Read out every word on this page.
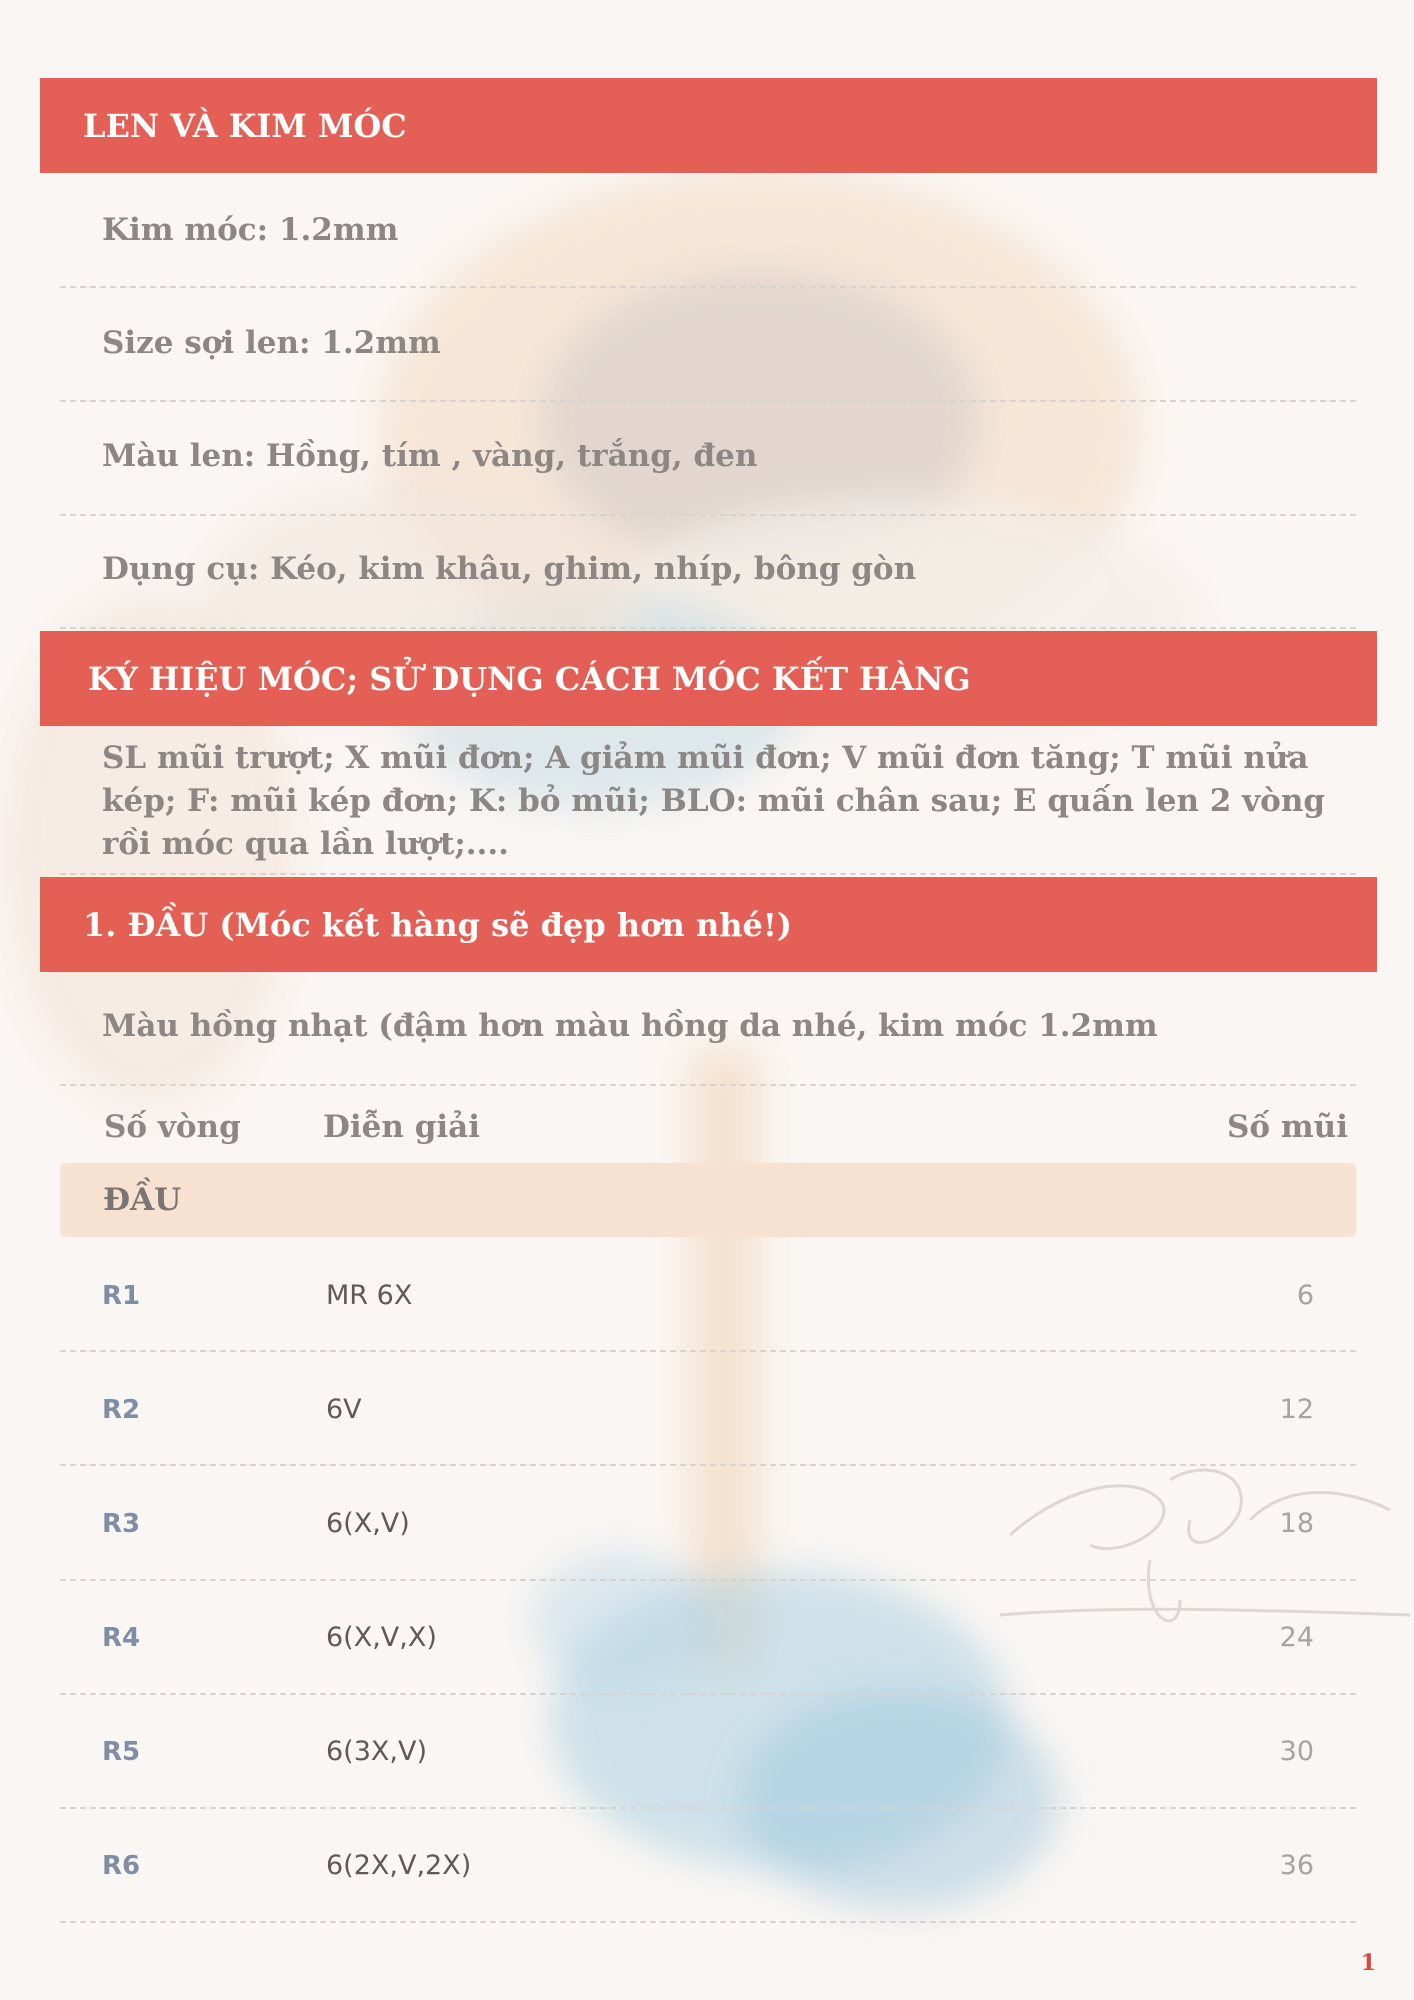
LEN VÀ KIM MÓC
Kim móc: 1.2mm
Size sợi len: 1.2mm
Màu len: Hồng, tím , vàng, trắng, đen
Dụng cụ: Kéo, kim khâu, ghim, nhíp, bông gòn
KÝ HIỆU MÓC; SỬ DỤNG CÁCH MÓC KẾT HÀNG
SL mũi trượt; X mũi đơn; A giảm mũi đơn; V mũi đơn tăng; T mũi nửa kép; F: mũi kép đơn; K: bỏ mũi; BLO: mũi chân sau; E quấn len 2 vòng rồi móc qua lần lượt;....
1. ĐẦU (Móc kết hàng sẽ đẹp hơn nhé!)
Màu hồng nhạt (đậm hơn màu hồng da nhé, kim móc 1.2mm
Số vòng	Diễn giải	Số mũi
ĐẦU
R1	MR 6X	6
R2	6V	12
R3	6(X,V)	18
R4	6(X,V,X)	24
R5	6(3X,V)	30
R6	6(2X,V,2X)	36
1
